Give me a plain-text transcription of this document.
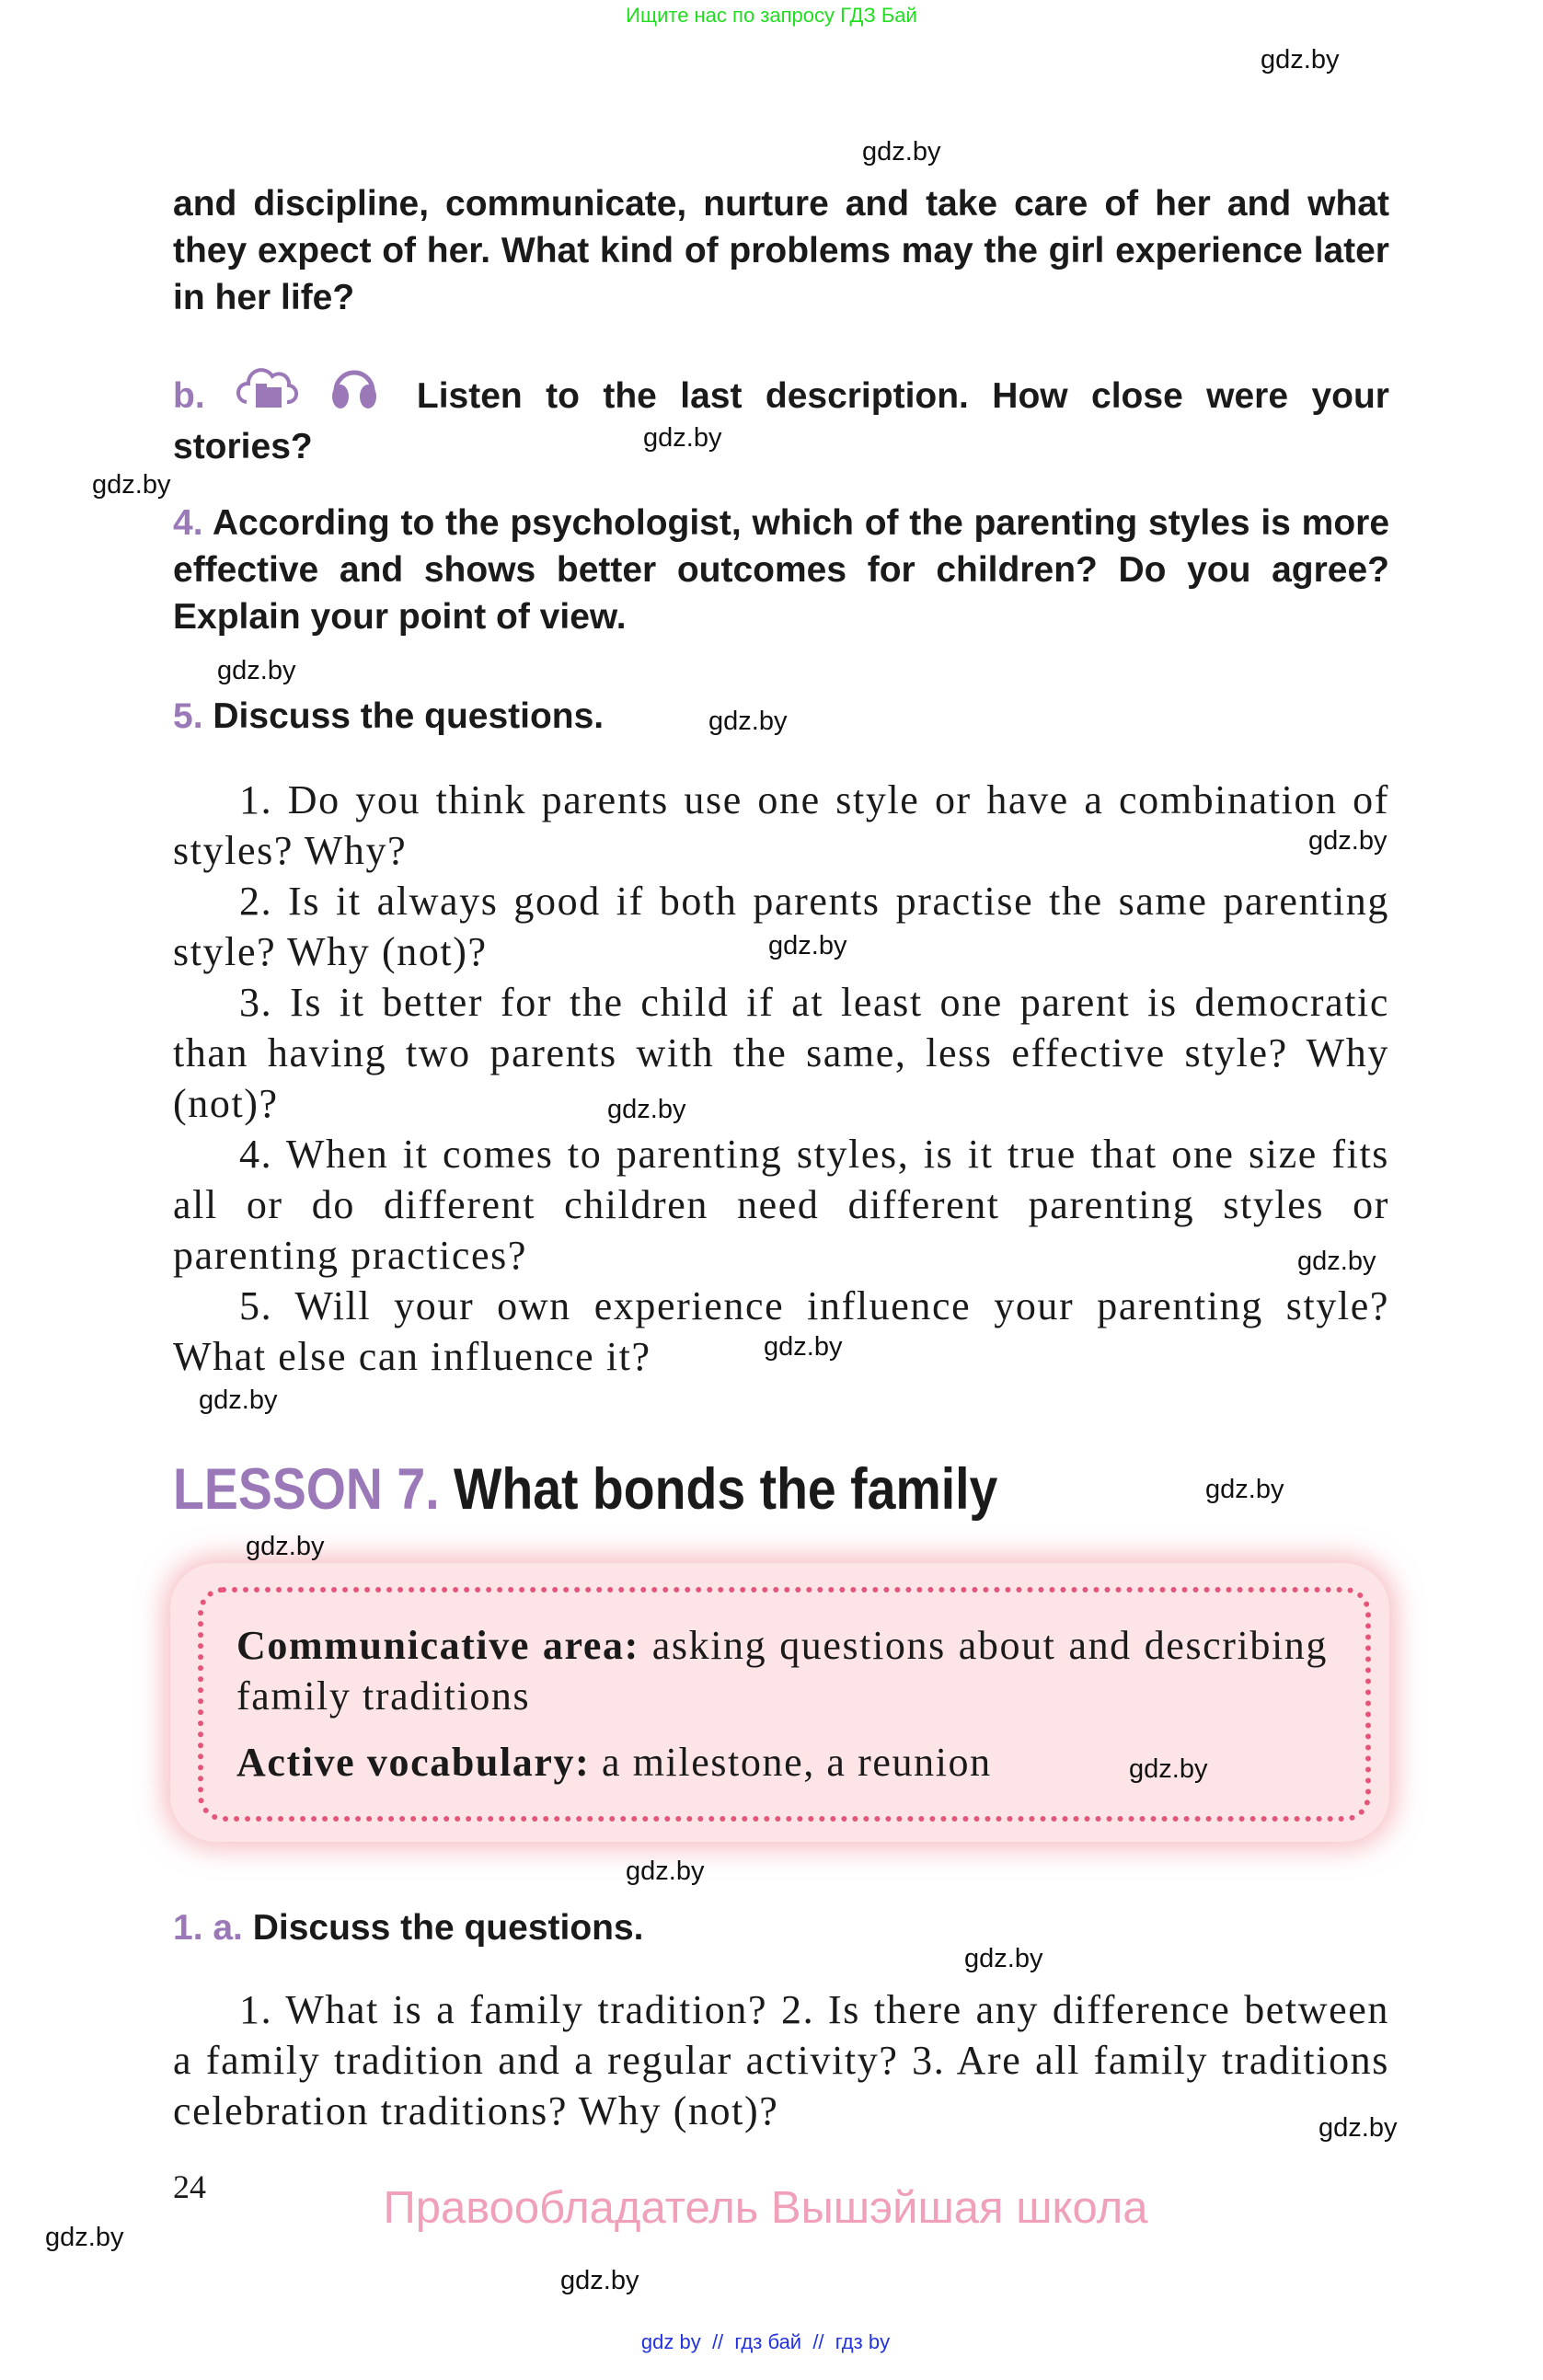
Ищите нас по запросу ГДЗ Бай
and discipline, communicate, nurture and take care of her and what they expect of her. What kind of problems may the girl experience later in her life?
b.	Listen to the last description. How close were your stories?
4. According to the psychologist, which of the parenting styles is more effective and shows better outcomes for children? Do you agree? Explain your point of view.
5. Discuss the questions.

1. Do you think parents use one style or have a combination of styles? Why?

2. Is it always good if both parents practise the same parenting style? Why (not)?

3. Is it better for the child if at least one parent is democratic than having two parents with the same, less effective style? Why (not)?

4. When it comes to parenting styles, is it true that one size fits all or do different children need different parenting styles or parenting practices?

5. Will your own experience influence your parenting style? What else can influence it?

LESSON 7. What bonds the family
Communicative area: asking questions about and describing family traditions
Active vocabulary: a milestone, a reunion
1. a. Discuss the questions.

1. What is a family tradition? 2. Is there any difference between a family tradition and a regular activity? 3. Are all family traditions celebration traditions? Why (not)?

24	Правообладатель Вышэйшая школа
gdz by  //  гдз бай  //  гдз by
gdz.by
gdz.by
gdz.by
gdz.by
gdz.by
gdz.by
gdz.by
gdz.by
gdz.by
gdz.by
gdz.by
gdz.by
gdz.by
gdz.by
gdz.by
gdz.by
gdz.by
gdz.by
gdz.by
gdz.by
